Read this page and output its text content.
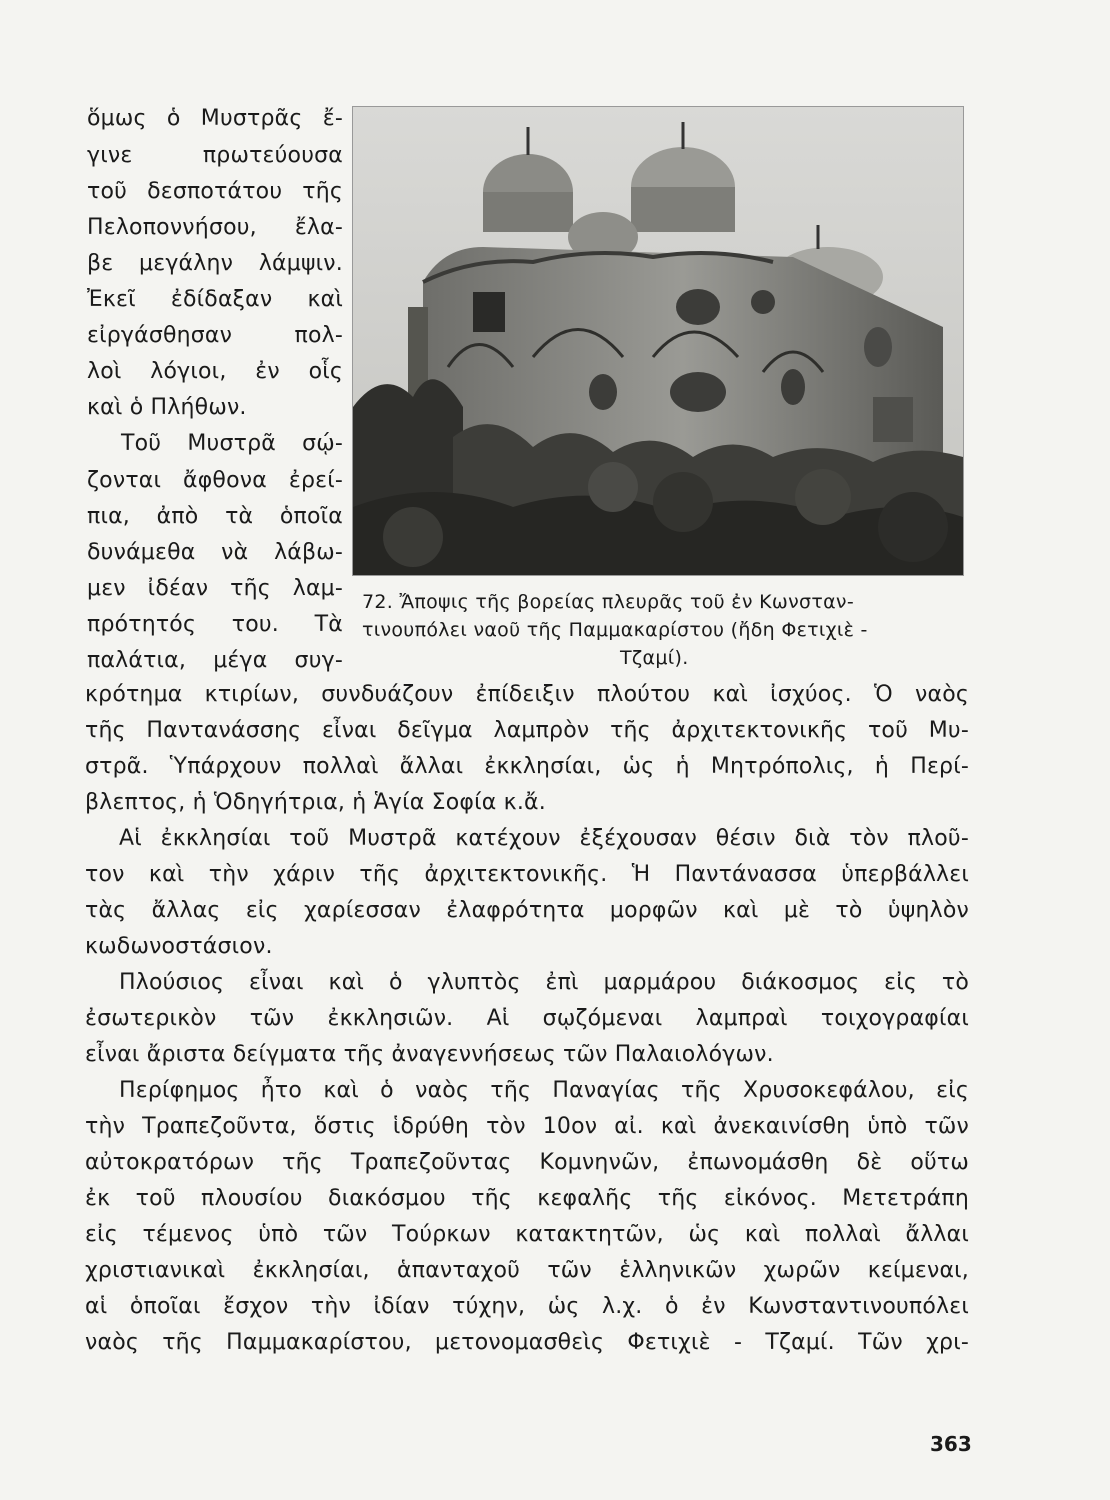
ὅμως ὁ Μυστρᾶς ἔ-
γινε πρωτεύουσα
τοῦ δεσποτάτου τῆς
Πελοποννήσου, ἔλα-
βε μεγάλην λάμψιν.
Ἐκεῖ ἐδίδαξαν καὶ
εἰργάσθησαν πολ-
λοὶ λόγιοι, ἐν οἷς
καὶ ὁ Πλήθων.
Τοῦ Μυστρᾶ σῴ-
ζονται ἄφθονα ἐρεί-
πια, ἀπὸ τὰ ὁποῖα
δυνάμεθα νὰ λάβω-
μεν ἰδέαν τῆς λαμ-
πρότητός του. Τὰ
παλάτια, μέγα συγ-
72. Ἄποψις τῆς βορείας πλευρᾶς τοῦ ἐν Κωνσταν-
τινουπόλει ναοῦ τῆς Παμμακαρίστου (ἤδη Φετιχιὲ -
Τζαμί).
κρότημα κτιρίων, συνδυάζουν ἐπίδειξιν πλούτου καὶ ἰσχύος. Ὁ ναὸς
τῆς Παντανάσσης εἶναι δεῖγμα λαμπρὸν τῆς ἀρχιτεκτονικῆς τοῦ Μυ-
στρᾶ. Ὑπάρχουν πολλαὶ ἄλλαι ἐκκλησίαι, ὡς ἡ Μητρόπολις, ἡ Περί-
βλεπτος, ἡ Ὁδηγήτρια, ἡ Ἁγία Σοφία κ.ἄ.
Αἱ ἐκκλησίαι τοῦ Μυστρᾶ κατέχουν ἐξέχουσαν θέσιν διὰ τὸν πλοῦ-
τον καὶ τὴν χάριν τῆς ἀρχιτεκτονικῆς. Ἡ Παντάνασσα ὑπερβάλλει
τὰς ἄλλας εἰς χαρίεσσαν ἐλαφρότητα μορφῶν καὶ μὲ τὸ ὑψηλὸν
κωδωνοστάσιον.
Πλούσιος εἶναι καὶ ὁ γλυπτὸς ἐπὶ μαρμάρου διάκοσμος εἰς τὸ
ἐσωτερικὸν τῶν ἐκκλησιῶν. Αἱ σῳζόμεναι λαμπραὶ τοιχογραφίαι
εἶναι ἄριστα δείγματα τῆς ἀναγεννήσεως τῶν Παλαιολόγων.
Περίφημος ἦτο καὶ ὁ ναὸς τῆς Παναγίας τῆς Χρυσοκεφάλου, εἰς
τὴν Τραπεζοῦντα, ὅστις ἱδρύθη τὸν 10ον αἰ. καὶ ἀνεκαινίσθη ὑπὸ τῶν
αὐτοκρατόρων τῆς Τραπεζοῦντας Κομνηνῶν, ἐπωνομάσθη δὲ οὕτω
ἐκ τοῦ πλουσίου διακόσμου τῆς κεφαλῆς τῆς εἰκόνος. Μετετράπη
εἰς τέμενος ὑπὸ τῶν Τούρκων κατακτητῶν, ὡς καὶ πολλαὶ ἄλλαι
χριστιανικαὶ ἐκκλησίαι, ἁπανταχοῦ τῶν ἑλληνικῶν χωρῶν κείμεναι,
αἱ ὁποῖαι ἔσχον τὴν ἰδίαν τύχην, ὡς λ.χ. ὁ ἐν Κωνσταντινουπόλει
ναὸς τῆς Παμμακαρίστου, μετονομασθεὶς Φετιχιὲ - Τζαμί. Τῶν χρι-
363
